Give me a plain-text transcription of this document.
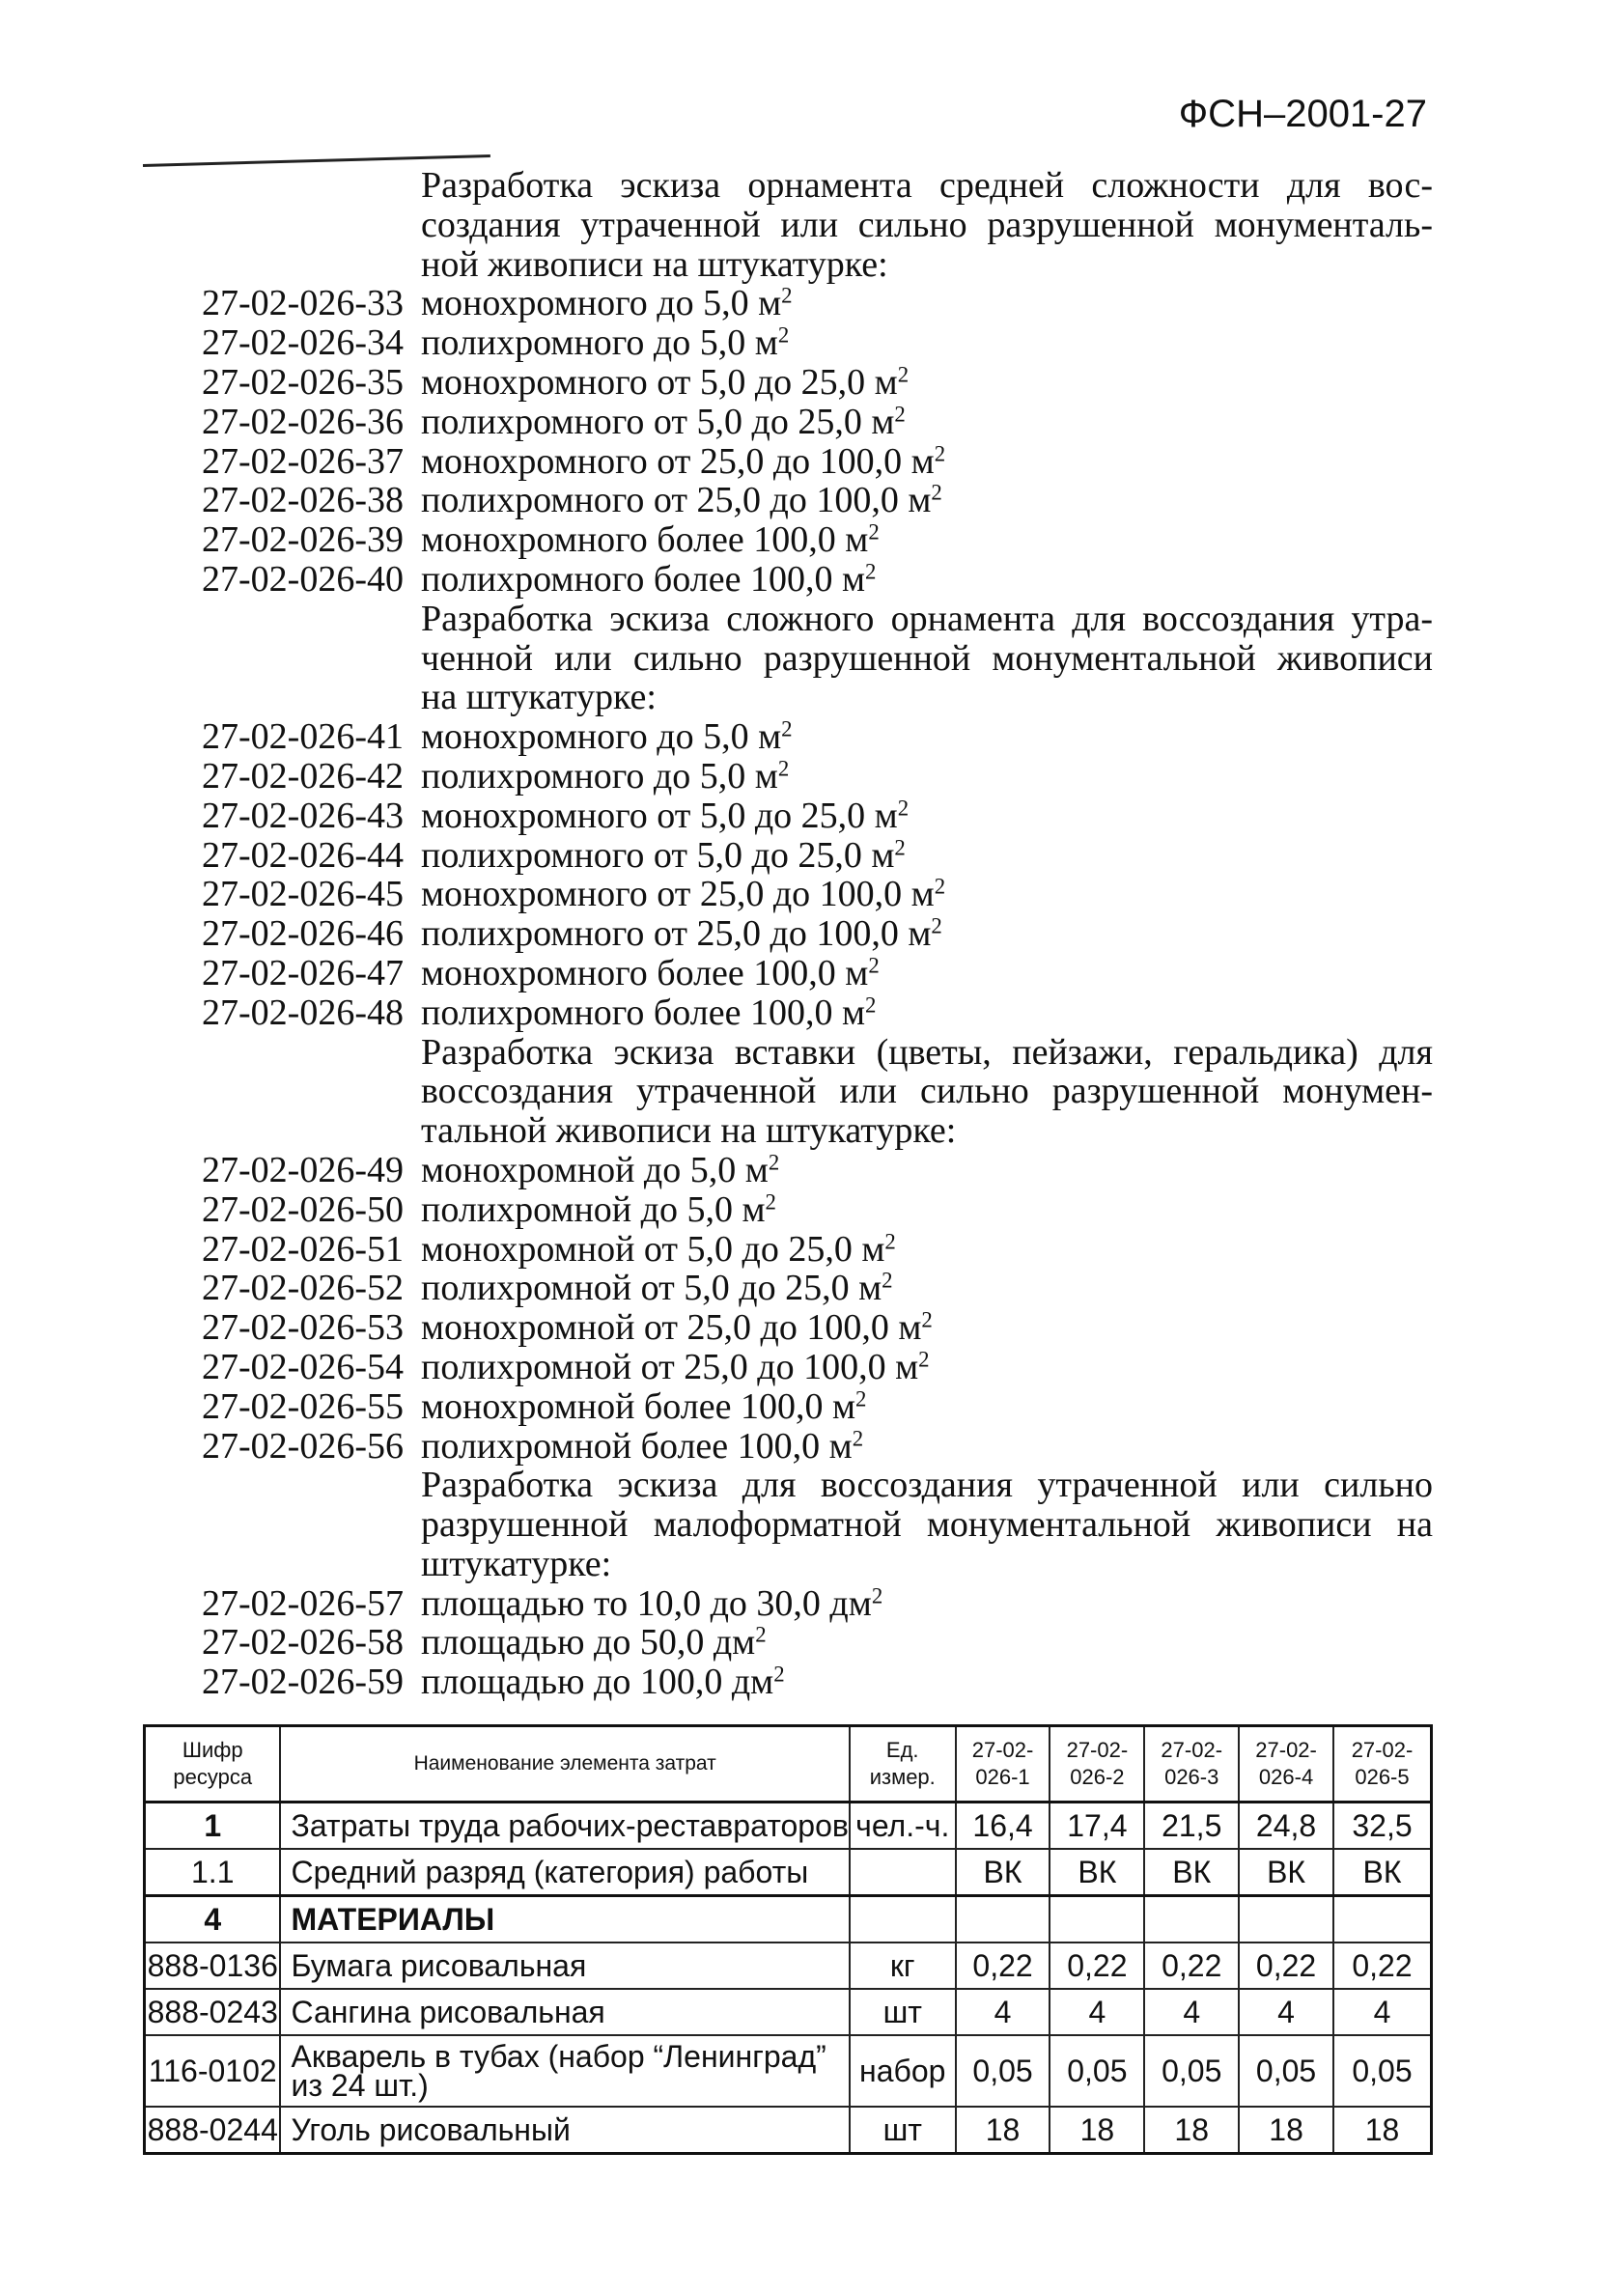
ФСН–2001-27
Разработка эскиза орнамента средней сложности для вос-
создания утраченной или сильно разрушенной монументаль-
ной живописи на штукатурке:
27-02-026-33 монохромного до 5,0 $м^2$
27-02-026-34 полихромного до 5,0 $м^2$
27-02-026-35 монохромного от 5,0 до 25,0 $м^2$
27-02-026-36 полихромного от 5,0 до 25,0 $м^2$
27-02-026-37 монохромного от 25,0 до 100,0 $м^2$
27-02-026-38 полихромного от 25,0 до 100,0 $м^2$
27-02-026-39 монохромного более 100,0 $м^2$
27-02-026-40 полихромного более 100,0 $м^2$
Разработка эскиза сложного орнамента для воссоздания утра-
ченной или сильно разрушенной монументальной живописи
на штукатурке:
27-02-026-41 монохромного до 5,0 $м^2$
27-02-026-42 полихромного до 5,0 $м^2$
27-02-026-43 монохромного от 5,0 до 25,0 $м^2$
27-02-026-44 полихромного от 5,0 до 25,0 $м^2$
27-02-026-45 монохромного от 25,0 до 100,0 $м^2$
27-02-026-46 полихромного от 25,0 до 100,0 $м^2$
27-02-026-47 монохромного более 100,0 $м^2$
27-02-026-48 полихромного более 100,0 $м^2$
Разработка эскиза вставки (цветы, пейзажи, геральдика) для
воссоздания утраченной или сильно разрушенной монумен-
тальной живописи на штукатурке:
27-02-026-49 монохромной до 5,0 $м^2$
27-02-026-50 полихромной до 5,0 $м^2$
27-02-026-51 монохромной от 5,0 до 25,0 $м^2$
27-02-026-52 полихромной от 5,0 до 25,0 $м^2$
27-02-026-53 монохромной от 25,0 до 100,0 $м^2$
27-02-026-54 полихромной от 25,0 до 100,0 $м^2$
27-02-026-55 монохромной более 100,0 $м^2$
27-02-026-56 полихромной более 100,0 $м^2$
Разработка эскиза для воссоздания утраченной или сильно
разрушенной малоформатной монументальной живописи на
штукатурке:
27-02-026-57 площадью то 10,0 до 30,0 $дм^2$
27-02-026-58 площадью до 50,0 $дм^2$
27-02-026-59 площадью до 100,0 $дм^2$
Шифр ресурса	Наименование элемента затрат	Ед. измер.	27-02-026-1	27-02-026-2	27-02-026-3	27-02-026-4	27-02-026-5
1	Затраты труда рабочих-реставраторов	чел.-ч.	16,4	17,4	21,5	24,8	32,5
1.1	Средний разряд (категория) работы		ВК	ВК	ВК	ВК	ВК
4	МАТЕРИАЛЫ						
888-0136	Бумага рисовальная	кг	0,22	0,22	0,22	0,22	0,22
888-0243	Сангина рисовальная	шт	4	4	4	4	4
116-0102	Акварель в тубах (набор “Ленинград” из 24 шт.)	набор	0,05	0,05	0,05	0,05	0,05
888-0244	Уголь рисовальный	шт	18	18	18	18	18
